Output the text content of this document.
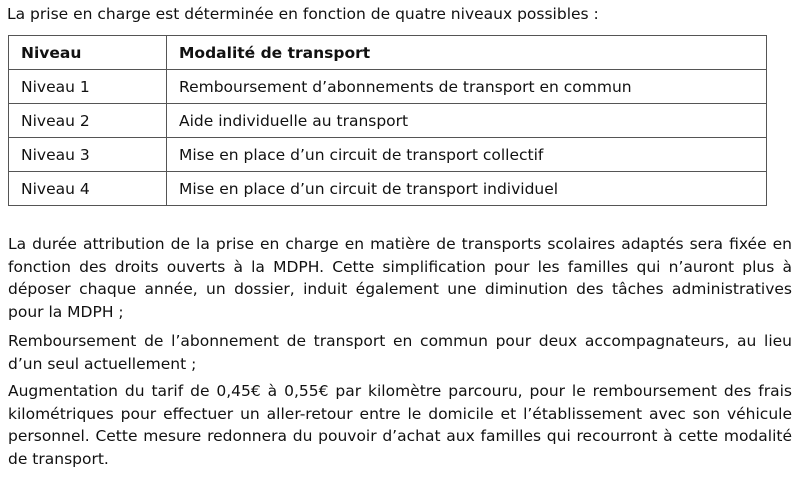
La prise en charge est déterminée en fonction de quatre niveaux possibles :

Niveau	Modalité de transport
Niveau 1	Remboursement d’abonnements de transport en commun
Niveau 2	Aide individuelle au transport
Niveau 3	Mise en place d’un circuit de transport collectif
Niveau 4	Mise en place d’un circuit de transport individuel

La durée attribution de la prise en charge en matière de transports scolaires adaptés sera fixée en fonction des droits ouverts à la MDPH. Cette simplification pour les familles qui n’auront plus à déposer chaque année, un dossier, induit également une diminution des tâches administratives pour la MDPH ;

Remboursement de l’abonnement de transport en commun pour deux accompagnateurs, au lieu d’un seul actuellement ;

Augmentation du tarif de 0,45€ à 0,55€ par kilomètre parcouru, pour le remboursement des frais kilométriques pour effectuer un aller-retour entre le domicile et l’établissement avec son véhicule personnel. Cette mesure redonnera du pouvoir d’achat aux familles qui recourront à cette modalité de transport.
